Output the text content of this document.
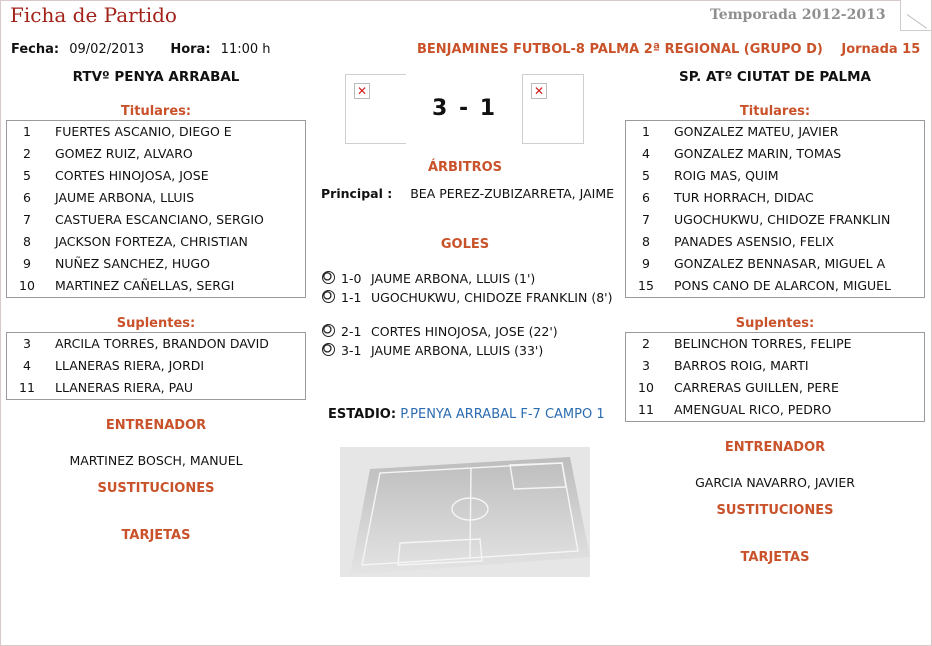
Ficha de Partido	Temporada 2012-2013
Fecha: 09/02/2013 Hora: 11:00 h	BENJAMINES FUTBOL-8 PALMA 2ª REGIONAL (GRUPO D) Jornada 15
RTVº PENYA ARRABAL
Titulares:
1	FUERTES ASCANIO, DIEGO E
2	GOMEZ RUIZ, ALVARO
5	CORTES HINOJOSA, JOSE
6	JAUME ARBONA, LLUIS
7	CASTUERA ESCANCIANO, SERGIO
8	JACKSON FORTEZA, CHRISTIAN
9	NUÑEZ SANCHEZ, HUGO
10	MARTINEZ CAÑELLAS, SERGI
Suplentes:
3	ARCILA TORRES, BRANDON DAVID
4	LLANERAS RIERA, JORDI
11	LLANERAS RIERA, PAU
ENTRENADOR
MARTINEZ BOSCH, MANUEL
SUSTITUCIONES
TARJETAS
✕
3 - 1
✕
ÁRBITROS
Principal : BEA PEREZ-ZUBIZARRETA, JAIME
GOLES
1-0 JAUME ARBONA, LLUIS (1')
1-1 UGOCHUKWU, CHIDOZE FRANKLIN (8')
2-1 CORTES HINOJOSA, JOSE (22')
3-1 JAUME ARBONA, LLUIS (33')
ESTADIO: P.PENYA ARRABAL F-7 CAMPO 1
SP. ATº CIUTAT DE PALMA
Titulares:
1	GONZALEZ MATEU, JAVIER
4	GONZALEZ MARIN, TOMAS
5	ROIG MAS, QUIM
6	TUR HORRACH, DIDAC
7	UGOCHUKWU, CHIDOZE FRANKLIN
8	PANADES ASENSIO, FELIX
9	GONZALEZ BENNASAR, MIGUEL A
15	PONS CANO DE ALARCON, MIGUEL
Suplentes:
2	BELINCHON TORRES, FELIPE
3	BARROS ROIG, MARTI
10	CARRERAS GUILLEN, PERE
11	AMENGUAL RICO, PEDRO
ENTRENADOR
GARCIA NAVARRO, JAVIER
SUSTITUCIONES
TARJETAS
